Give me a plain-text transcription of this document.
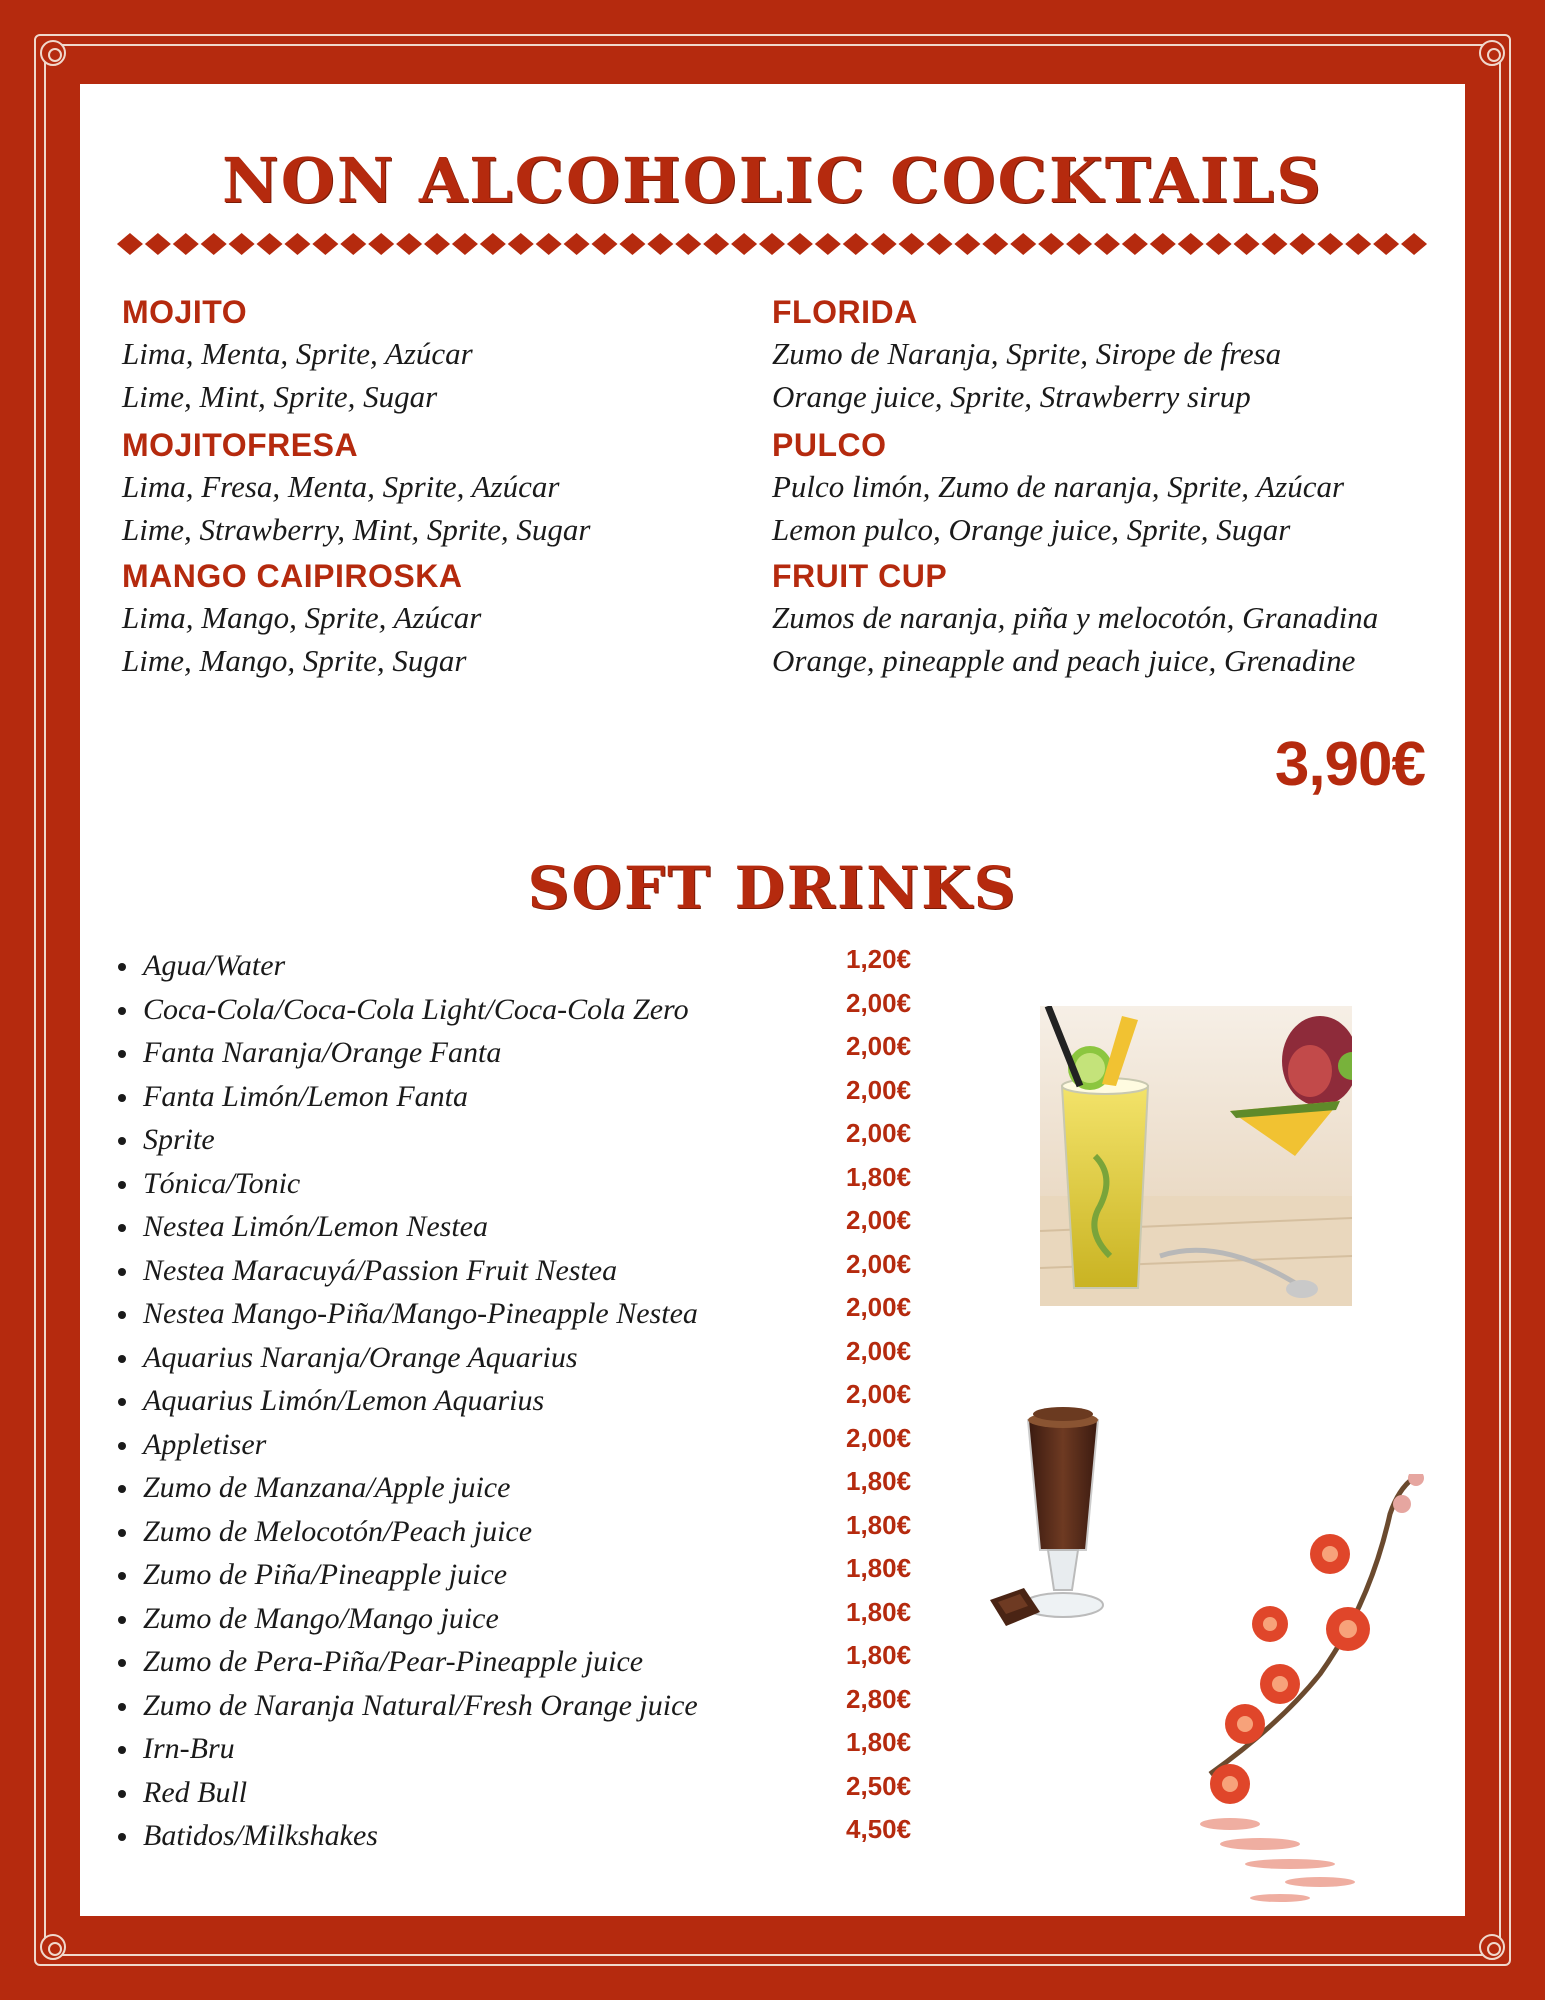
NON ALCOHOLIC COCKTAILS
MOJITO
Lima, Menta, Sprite, Azúcar
Lime, Mint, Sprite, Sugar
MOJITOFRESA
Lima, Fresa, Menta, Sprite, Azúcar
Lime, Strawberry, Mint, Sprite, Sugar
MANGO CAIPIROSKA
Lima, Mango, Sprite, Azúcar
Lime, Mango, Sprite, Sugar
FLORIDA
Zumo de Naranja, Sprite, Sirope de fresa
Orange juice, Sprite, Strawberry sirup
PULCO
Pulco limón, Zumo de naranja, Sprite, Azúcar
Lemon pulco, Orange juice, Sprite, Sugar
FRUIT CUP
Zumos de naranja, piña y melocotón, Granadina
Orange, pineapple and peach juice, Grenadine
3,90€
SOFT DRINKS
Agua/Water	1,20€
Coca-Cola/Coca-Cola Light/Coca-Cola Zero	2,00€
Fanta Naranja/Orange Fanta	2,00€
Fanta Limón/Lemon Fanta	2,00€
Sprite	2,00€
Tónica/Tonic	1,80€
Nestea Limón/Lemon Nestea	2,00€
Nestea Maracuyá/Passion Fruit Nestea	2,00€
Nestea Mango-Piña/Mango-Pineapple Nestea	2,00€
Aquarius Naranja/Orange Aquarius	2,00€
Aquarius Limón/Lemon Aquarius	2,00€
Appletiser	2,00€
Zumo de Manzana/Apple juice	1,80€
Zumo de Melocotón/Peach juice	1,80€
Zumo de Piña/Pineapple juice	1,80€
Zumo de Mango/Mango juice	1,80€
Zumo de Pera-Piña/Pear-Pineapple juice	1,80€
Zumo de Naranja Natural/Fresh Orange juice	2,80€
Irn-Bru	1,80€
Red Bull	2,50€
Batidos/Milkshakes	4,50€
